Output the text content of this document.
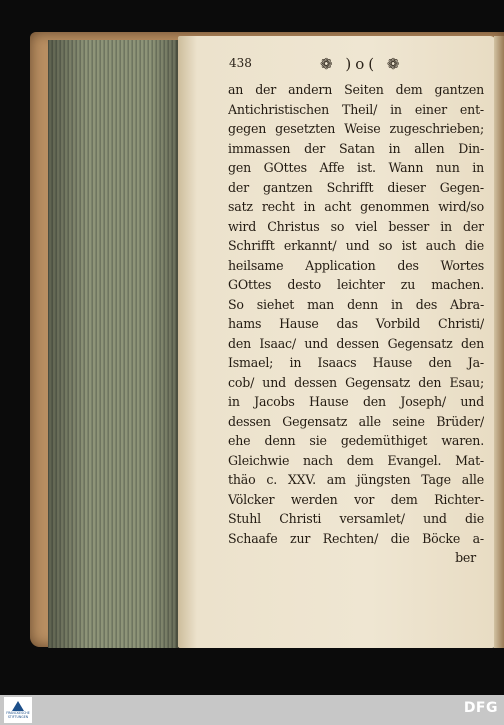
438	❁ )o( ❁
an der andern Seiten dem gantzen
Antichristischen Theil/ in einer ent-
gegen gesetzten Weise zugeschrieben;
immassen der Satan in allen Din-
gen GOttes Affe ist. Wann nun in
der gantzen Schrifft dieser Gegen-
satz recht in acht genommen wird/so
wird Christus so viel besser in der
Schrifft erkannt/ und so ist auch die
heilsame Application des Wortes
GOttes desto leichter zu machen.
So siehet man denn in des Abra-
hams Hause das Vorbild Christi/
den Isaac/ und dessen Gegensatz den
Ismael; in Isaacs Hause den Ja-
cob/ und dessen Gegensatz den Esau;
in Jacobs Hause den Joseph/ und
dessen Gegensatz alle seine Brüder/
ehe denn sie gedemüthiget waren.
Gleichwie nach dem Evangel. Mat-
thäo c. XXV. am jüngsten Tage alle
Völcker werden vor dem Richter-
Stuhl Christi versamlet/ und die
Schaafe zur Rechten/ die Böcke a-
ber
FRANCKESCHE STIFTUNGEN
DFG
